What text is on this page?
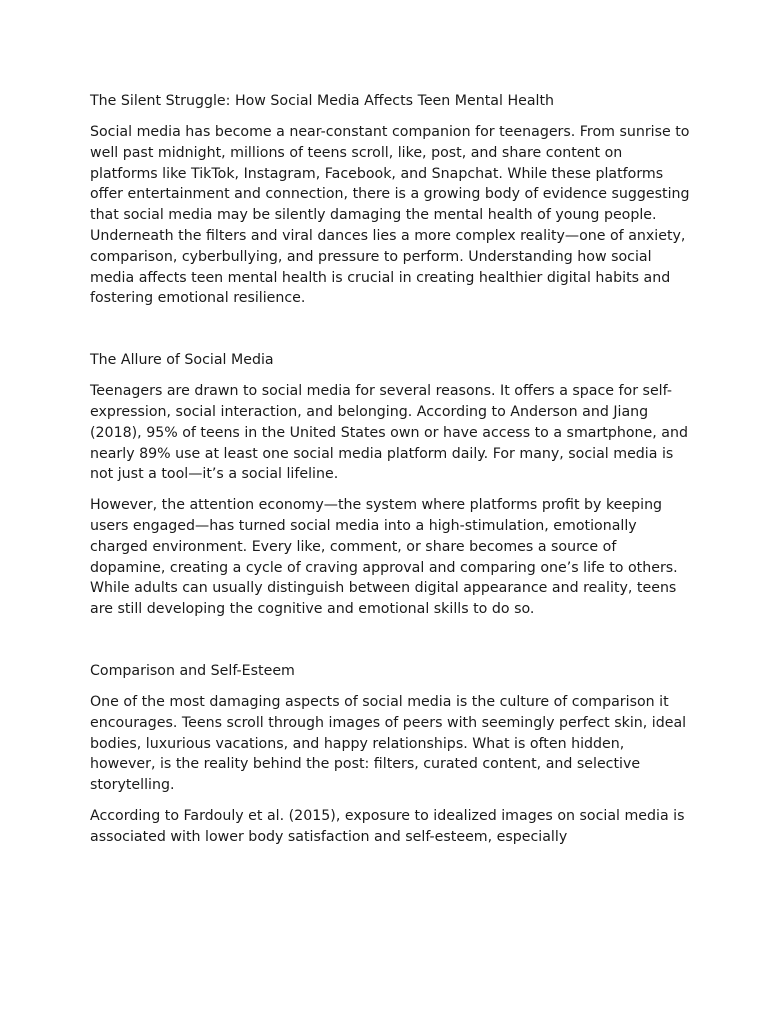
The Silent Struggle: How Social Media Affects Teen Mental Health

Social media has become a near-constant companion for teenagers. From sunrise to well past midnight, millions of teens scroll, like, post, and share content on platforms like TikTok, Instagram, Facebook, and Snapchat. While these platforms offer entertainment and connection, there is a growing body of evidence suggesting that social media may be silently damaging the mental health of young people. Underneath the filters and viral dances lies a more complex reality—one of anxiety, comparison, cyberbullying, and pressure to perform. Understanding how social media affects teen mental health is crucial in creating healthier digital habits and fostering emotional resilience.

The Allure of Social Media

Teenagers are drawn to social media for several reasons. It offers a space for self-expression, social interaction, and belonging. According to Anderson and Jiang (2018), 95% of teens in the United States own or have access to a smartphone, and nearly 89% use at least one social media platform daily. For many, social media is not just a tool—it’s a social lifeline.

However, the attention economy—the system where platforms profit by keeping users engaged—has turned social media into a high-stimulation, emotionally charged environment. Every like, comment, or share becomes a source of dopamine, creating a cycle of craving approval and comparing one’s life to others. While adults can usually distinguish between digital appearance and reality, teens are still developing the cognitive and emotional skills to do so.

Comparison and Self-Esteem

One of the most damaging aspects of social media is the culture of comparison it encourages. Teens scroll through images of peers with seemingly perfect skin, ideal bodies, luxurious vacations, and happy relationships. What is often hidden, however, is the reality behind the post: filters, curated content, and selective storytelling.

According to Fardouly et al. (2015), exposure to idealized images on social media is associated with lower body satisfaction and self-esteem, especially
